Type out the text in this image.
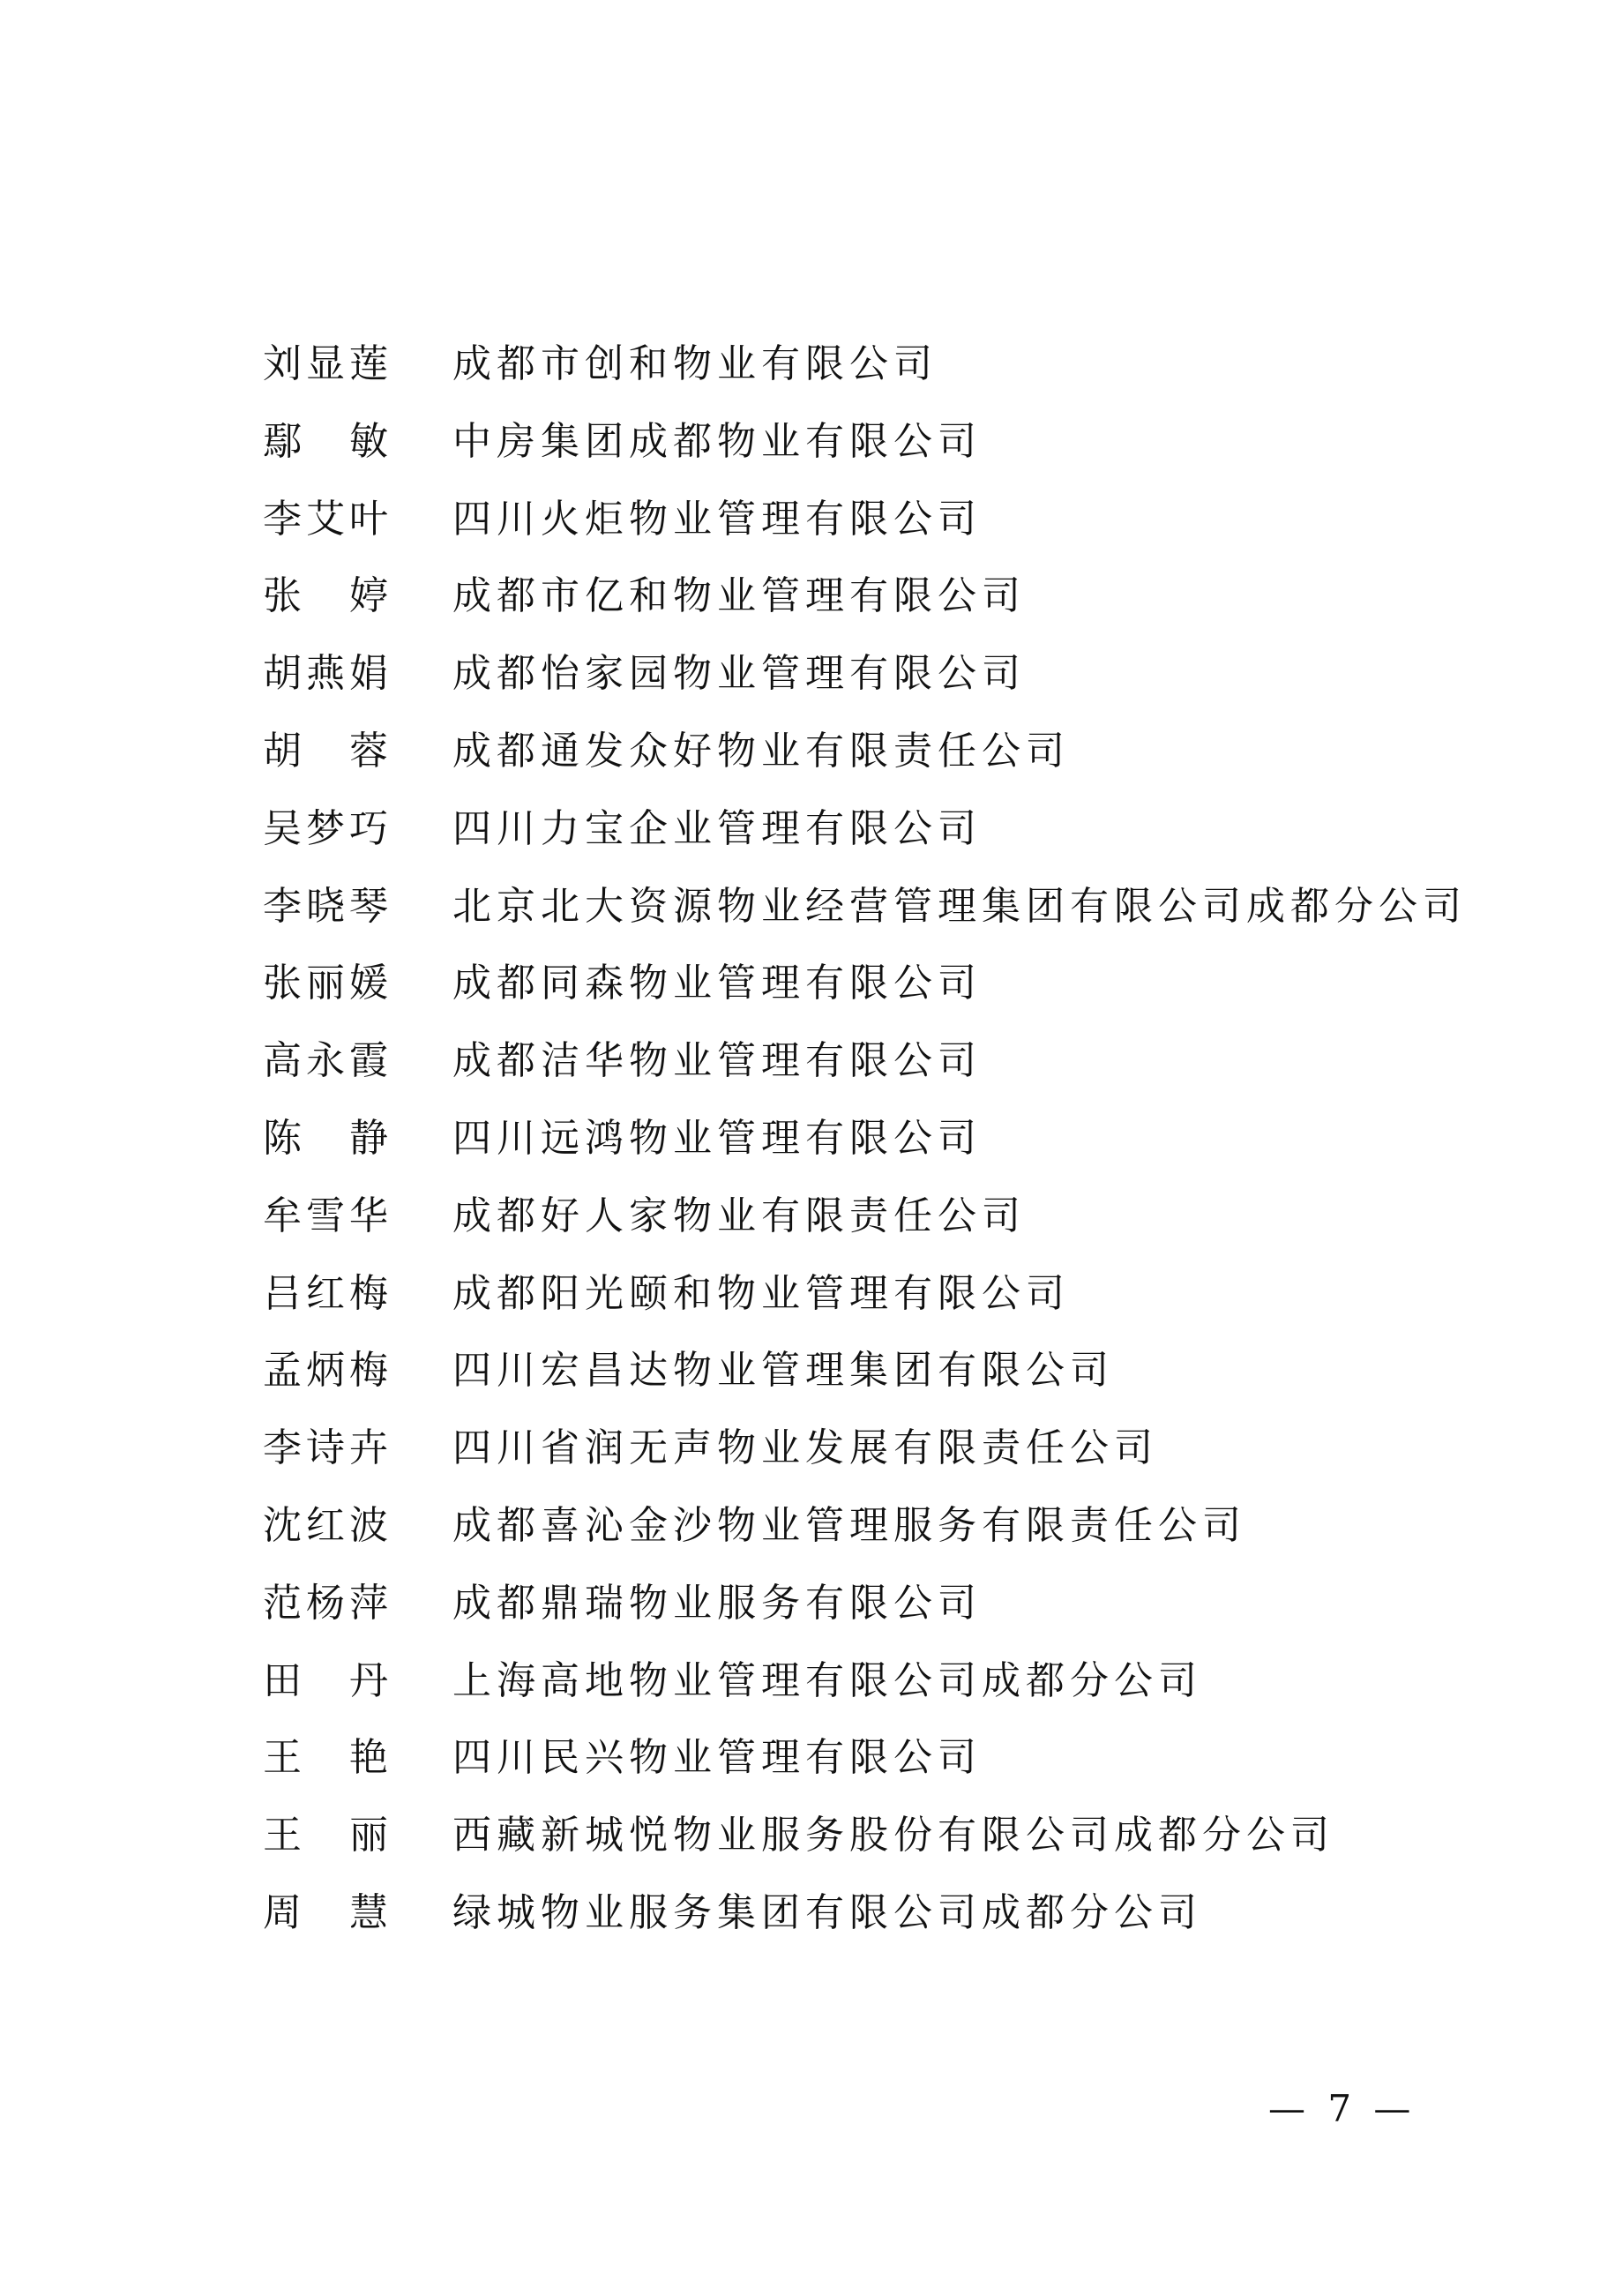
刘显莲	成都市创和物业有限公司
鄢　敏	中房集团成都物业有限公司
李艾叶	四川火炬物业管理有限公司
张　婷	成都市亿和物业管理有限公司
胡燕娟	成都怡家园物业管理有限公司
胡　蓉	成都通发众好物业有限责任公司
吴梦巧	四川力宝企业管理有限公司
李晓琴	北京北大资源物业经营管理集团有限公司成都分公司
张丽媛	成都同森物业管理有限公司
高永霞	成都洁华物业管理有限公司
陈　静	四川远鸿物业管理有限公司
牟雪华	成都好人家物业有限责任公司
吕红梅	成都阳光颐和物业管理有限公司
孟炳梅	四川宏昌达物业管理集团有限公司
李诗卉	四川省润无声物业发展有限责任公司
沈红波	成都喜沁金沙物业管理服务有限责任公司
范杨萍	成都鼎瑞物业服务有限公司
田　丹	上海高地物业管理有限公司成都分公司
王　艳	四川民兴物业管理有限公司
王　丽	西藏新城悦物业服务股份有限公司成都分公司
周　慧	绿城物业服务集团有限公司成都分公司
— 7 —
